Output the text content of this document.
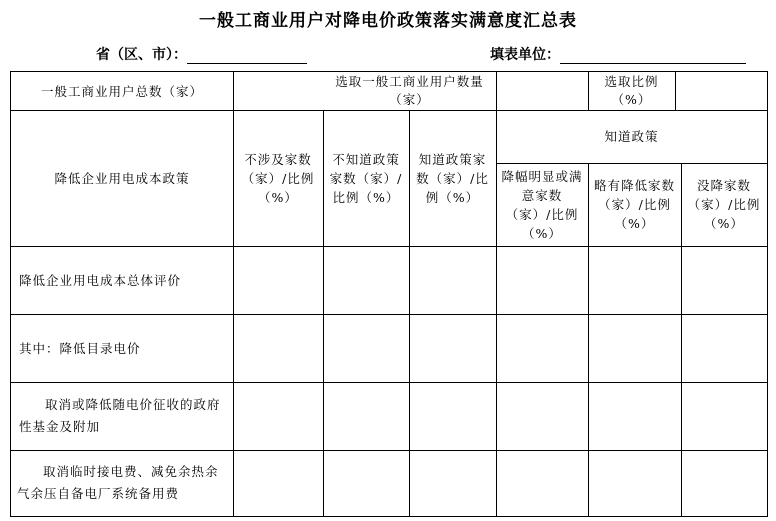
一般工商业用户对降电价政策落实满意度汇总表
省（区、市）：	填表单位：
一般工商业用户总数（家）
选取一般工商业用户数量（家）
选取比例（%）
降低企业用电成本政策
不涉及家数（家）/比例（%）
不知道政策家数（家）/比例（%）
知道政策家数（家）/比例（%）
知道政策
降幅明显或满意家数（家）/比例（%）
略有降低家数（家）/比例（%）
没降家数（家）/比例（%）
降低企业用电成本总体评价
其中：降低目录电价
取消或降低随电价征收的政府性基金及附加
取消临时接电费、减免余热余气余压自备电厂系统备用费
